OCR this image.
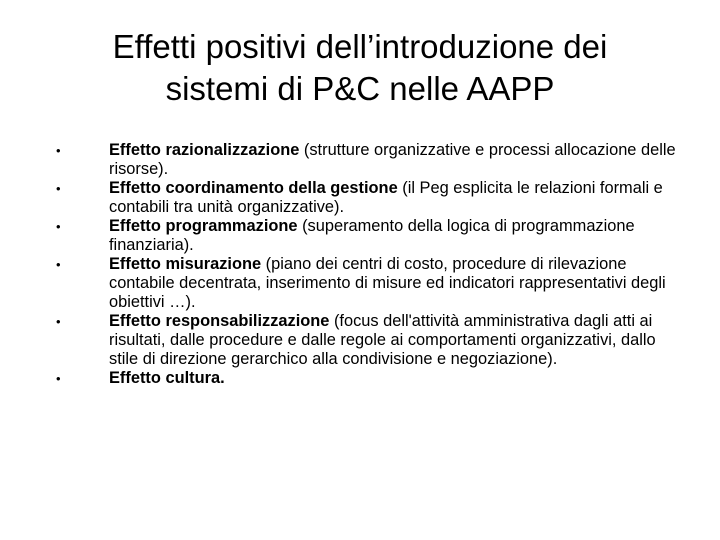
Effetti positivi dell’introduzione dei
sistemi di P&C nelle AAPP
•	Effetto razionalizzazione (strutture organizzative e processi allocazione delle risorse).
•	Effetto coordinamento della gestione (il Peg esplicita le relazioni formali e contabili tra unità organizzative).
•	Effetto programmazione (superamento della logica di programmazione finanziaria).
•	Effetto misurazione (piano dei centri di costo, procedure di rilevazione contabile decentrata, inserimento di misure ed indicatori rappresentativi degli obiettivi …).
•	Effetto responsabilizzazione (focus dell'attività amministrativa dagli atti ai risultati, dalle procedure e dalle regole ai comportamenti organizzativi, dallo stile di direzione gerarchico alla condivisione e negoziazione).
•	Effetto cultura.
